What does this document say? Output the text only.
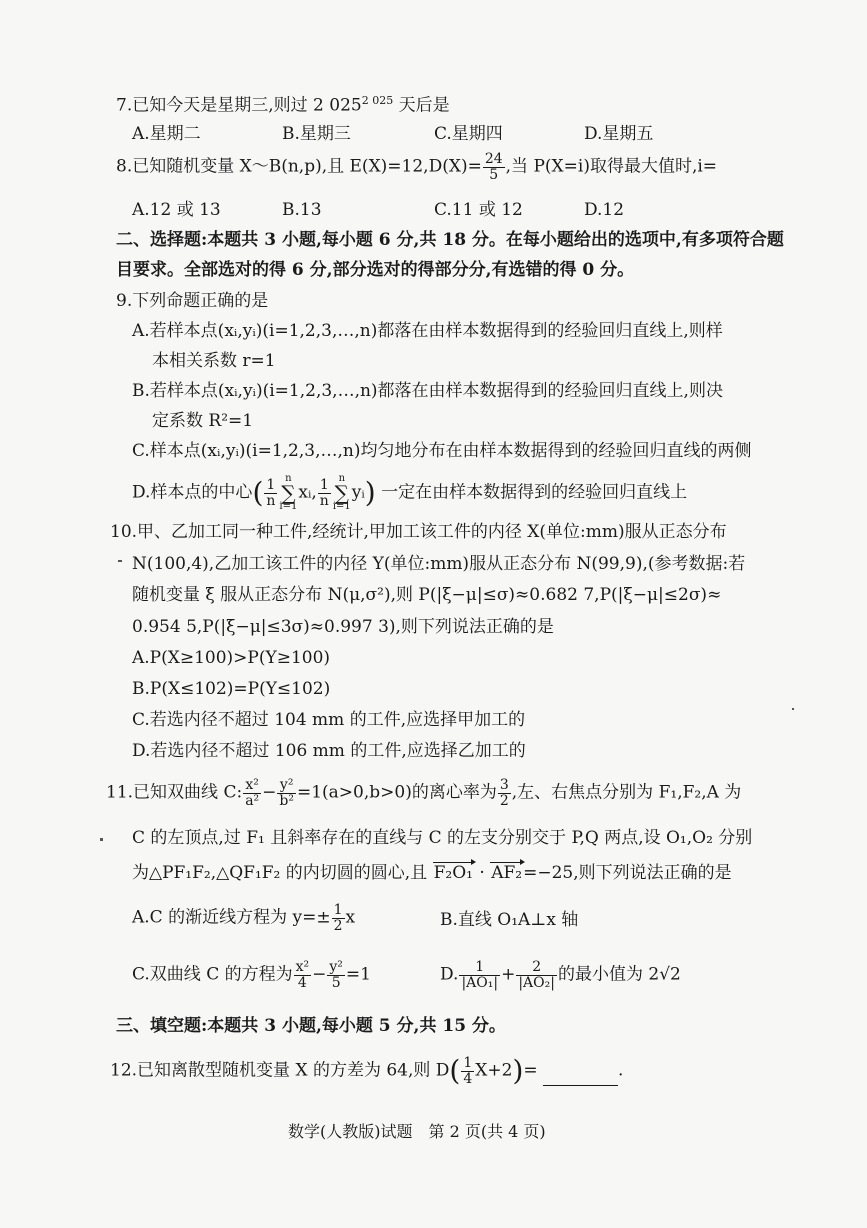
7.已知今天是星期三,则过 2 $025^{2 025}$ 天后是
A.星期二	B.星期三	C.星期四	D.星期五
8.已知随机变量 X～B(n,p),且 $E(X)=12,D(X)= \frac{24}{5}$ ,当 P(X=i)取得最大值时,i=
A.12 或 13	B.13	C.11 或 12	D.12
二、选择题:本题共 3 小题,每小题 6 分,共 18 分。在每小题给出的选项中,有多项符合题
目要求。全部选对的得 6 分,部分选对的得部分分,有选错的得 0 分。
9.下列命题正确的是
A.若样本点(xᵢ,yᵢ)(i=1,2,3,…,n)都落在由样本数据得到的经验回归直线上,则样
本相关系数 r=1
B.若样本点(xᵢ,yᵢ)(i=1,2,3,…,n)都落在由样本数据得到的经验回归直线上,则决
定系数 R²=1
C.样本点(xᵢ,yᵢ)(i=1,2,3,…,n)均匀地分布在由样本数据得到的经验回归直线的两侧
D.样本点的中心( $\frac{1}{n}$ n
∑
i=1xᵢ, $\frac{1}{n}$ n
∑
i=1yᵢ) 一定在由样本数据得到的经验回归直线上
10.甲、乙加工同一种工件,经统计,甲加工该工件的内径 X(单位:mm)服从正态分布
N(100,4),乙加工该工件的内径 Y(单位:mm)服从正态分布 N(99,9),(参考数据:若
随机变量 ξ 服从正态分布 N(μ,σ²),则 P(|ξ−μ|≤σ)≈0.682 7,P(|ξ−μ|≤2σ)≈
0.954 5,P(|ξ−μ|≤3σ)≈0.997 3),则下列说法正确的是
A.P(X≥100)>P(Y≥100)
B.P(X≤102)=P(Y≤102)
C.若选内径不超过 104 mm 的工件,应选择甲加工的
D.若选内径不超过 106 mm 的工件,应选择乙加工的
11.已知双曲线 C: $\frac{\text{x²}}{\text{a²}} - \frac{\text{y²}}{\text{b²}} =1(a>0,b>0)$的离心率为 $\frac{3}{2}$ ,左、右焦点分别为 F₁,F₂,A 为
C 的左顶点,过 F₁ 且斜率存在的直线与 C 的左支分别交于 P,Q 两点,设 O₁,O₂ 分别
为△PF₁F₂,△QF₁F₂ 的内切圆的圆心,且 F₂O₁ · AF₂=−25,则下列说法正确的是
A.C 的渐近线方程为 $y=\pm \frac{1}{2}$ x	B.直线 O₁A⊥x 轴
C.双曲线 C 的方程为 $\frac{\text{x²}}{4} - \frac{\text{y²}}{5} =1$	D. $\frac{1}{\text{|AO₁|}} + \frac{2}{\text{|AO₂|}}$ 的最小值为 2√2
三、填空题:本题共 3 小题,每小题 5 分,共 15 分。
12.已知离散型随机变量 X 的方差为 64,则 $D( \frac{1}{4} X+2)=$	.
数学(人教版)试题　第 2 页(共 4 页)
